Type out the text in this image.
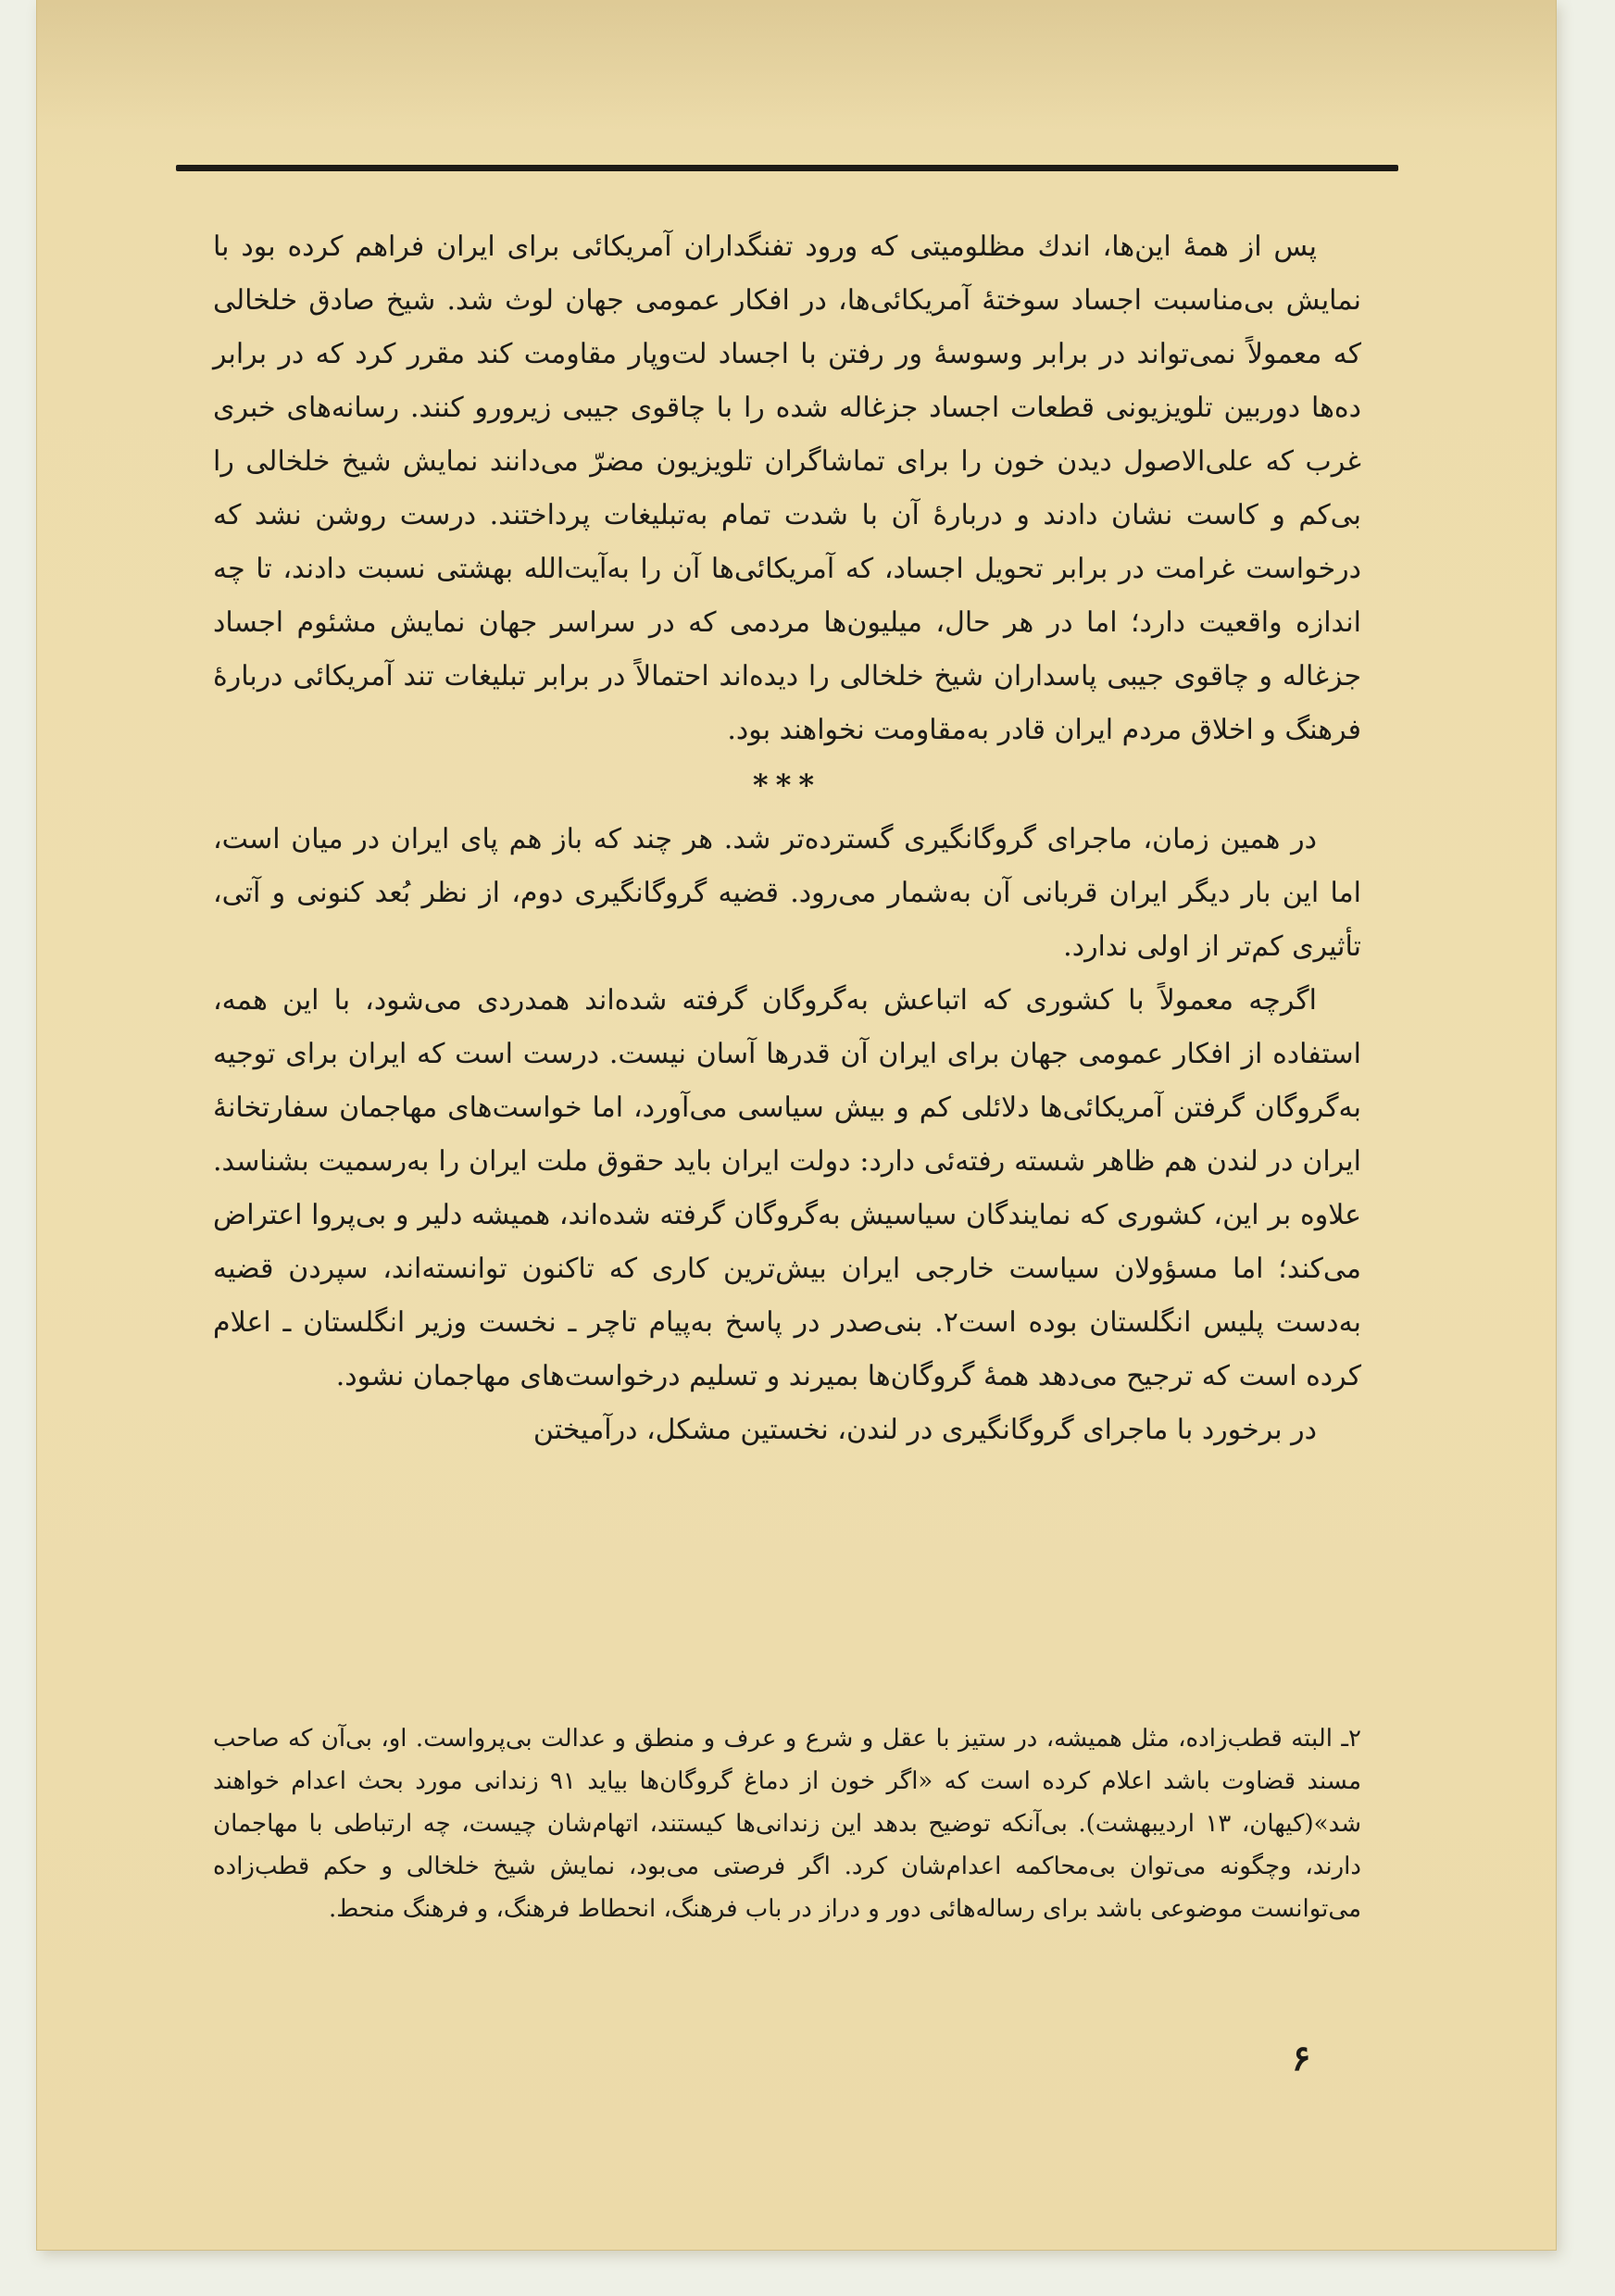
پس از همهٔ این‌ها، اندك مظلومیتی که ورود تفنگداران آمریکائی برای ایران فراهم کرده بود با نمایش بی‌مناسبت اجساد سوختهٔ آمریکائی‌ها، در افکار عمومی جهان لوث شد. شیخ صادق خلخالی که معمولاً نمی‌تواند در برابر وسوسهٔ ور رفتن با اجساد لت‌وپار مقاومت کند مقرر کرد که در برابر ده‌ها دوربین تلویزیونی قطعات اجساد جزغاله شده را با چاقوی جیبی زیرورو کنند. رسانه‌های خبری غرب که علی‌الاصول دیدن خون را برای تماشاگران تلویزیون مضرّ می‌دانند نمایش شیخ خلخالی را بی‌کم و کاست نشان دادند و دربارهٔ آن با شدت تمام به‌تبلیغات پرداختند. درست روشن نشد که درخواست غرامت در برابر تحویل اجساد، که آمریکائی‌ها آن را به‌آیت‌الله بهشتی نسبت دادند، تا چه اندازه واقعیت دارد؛ اما در هر حال، میلیون‌ها مردمی که در سراسر جهان نمایش مشئوم اجساد جزغاله و چاقوی جیبی پاسداران شیخ خلخالی را دیده‌اند احتمالاً در برابر تبلیغات تند آمریکائی دربارهٔ فرهنگ و اخلاق مردم ایران قادر به‌مقاومت نخواهند بود.

***

در همین زمان، ماجرای گروگانگیری گسترده‌تر شد. هر چند که باز هم پای ایران در میان است، اما این بار دیگر ایران قربانی آن به‌شمار می‌رود. قضیه گروگانگیری دوم، از نظر بُعد کنونی و آتی، تأثیری کم‌تر از اولی ندارد.

اگرچه معمولاً با کشوری که اتباعش به‌گروگان گرفته شده‌اند همدردی می‌شود، با این همه، استفاده از افکار عمومی جهان برای ایران آن قدرها آسان نیست. درست است که ایران برای توجیه به‌گروگان گرفتن آمریکائی‌ها دلائلی کم و بیش سیاسی می‌آورد، اما خواست‌های مهاجمان سفارتخانهٔ ایران در لندن هم ظاهر شسته رفته‌ئی دارد: دولت ایران باید حقوق ملت ایران را به‌رسمیت بشناسد. علاوه بر این، کشوری که نمایندگان سیاسیش به‌گروگان گرفته شده‌اند، همیشه دلیر و بی‌پروا اعتراض می‌کند؛ اما مسؤولان سیاست خارجی ایران بیش‌ترین کاری که تاکنون توانسته‌اند، سپردن قضیه به‌دست پلیس انگلستان بوده است۲. بنی‌صدر در پاسخ به‌پیام تاچر ـ نخست وزیر انگلستان ـ اعلام کرده است که ترجیح می‌دهد همهٔ گروگان‌ها بمیرند و تسلیم درخواست‌های مهاجمان نشود.

در برخورد با ماجرای گروگانگیری در لندن، نخستین مشکل، درآمیختن

۲ـ البته قطب‌زاده، مثل همیشه، در ستیز با عقل و شرع و عرف و منطق و عدالت بی‌پرواست. او، بی‌آن که صاحب مسند قضاوت باشد اعلام کرده است که «اگر خون از دماغ گروگان‌ها بیاید ۹۱ زندانی مورد بحث اعدام خواهند شد»(کیهان، ۱۳ اردیبهشت). بی‌آنکه توضیح بدهد این زندانی‌ها کیستند، اتهام‌شان چیست، چه ارتباطی با مهاجمان دارند، وچگونه می‌توان بی‌محاکمه اعدام‌شان کرد. اگر فرصتی می‌بود، نمایش شیخ خلخالی و حکم قطب‌زاده می‌توانست موضوعی باشد برای رساله‌هائی دور و دراز در باب فرهنگ، انحطاط فرهنگ، و فرهنگ منحط.
۶
